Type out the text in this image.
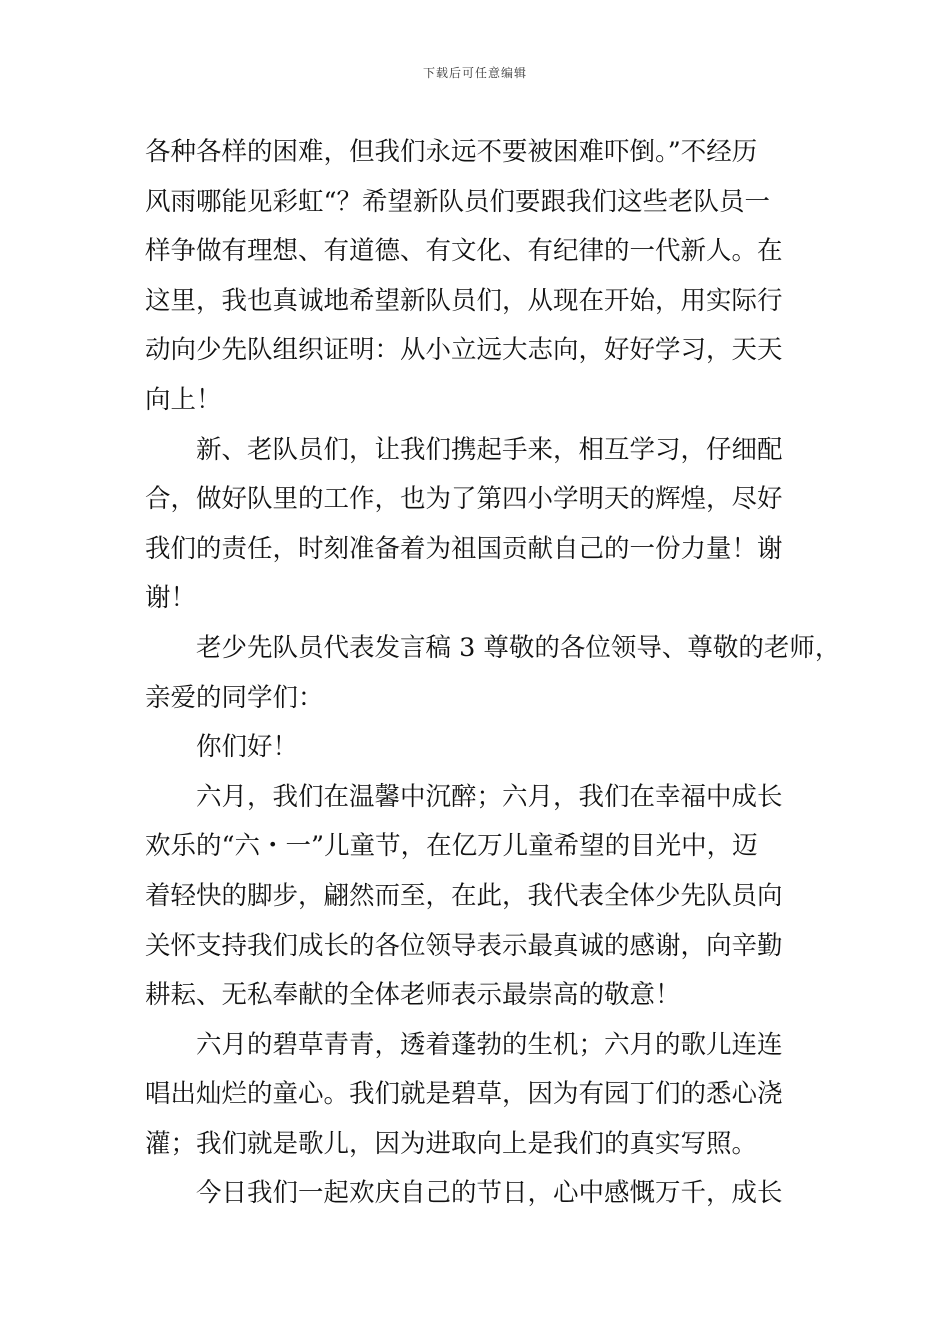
下载后可任意编辑
各种各样的困难，但我们永远不要被困难吓倒。”不经历
风雨哪能见彩虹“？希望新队员们要跟我们这些老队员一
样争做有理想、有道德、有文化、有纪律的一代新人。在
这里，我也真诚地希望新队员们，从现在开始，用实际行
动向少先队组织证明：从小立远大志向，好好学习，天天
向上！
新、老队员们，让我们携起手来，相互学习，仔细配
合，做好队里的工作，也为了第四小学明天的辉煌，尽好
我们的责任，时刻准备着为祖国贡献自己的一份力量！谢
谢！
老少先队员代表发言稿 3 尊敬的各位领导、尊敬的老师，
亲爱的同学们：
你们好！
六月，我们在温馨中沉醉；六月，我们在幸福中成长
欢乐的“六・一”儿童节，在亿万儿童希望的目光中，迈
着轻快的脚步，翩然而至，在此，我代表全体少先队员向
关怀支持我们成长的各位领导表示最真诚的感谢，向辛勤
耕耘、无私奉献的全体老师表示最崇高的敬意！
六月的碧草青青，透着蓬勃的生机；六月的歌儿连连
唱出灿烂的童心。我们就是碧草，因为有园丁们的悉心浇
灌；我们就是歌儿，因为进取向上是我们的真实写照。
今日我们一起欢庆自己的节日，心中感慨万千，成长
